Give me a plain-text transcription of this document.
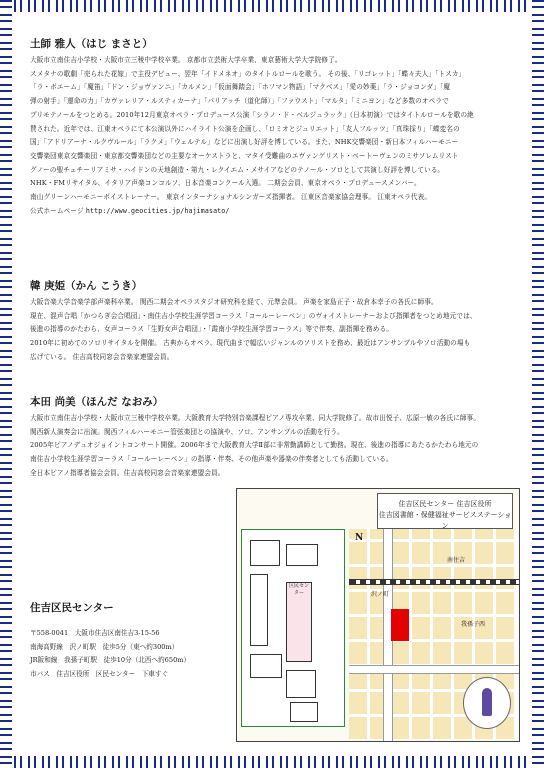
土師 雅人（はじ まさと）

大阪市立南住吉小学校・大阪市立三稜中学校卒業。 京都市立芸術大学卒業、東京藝術大学大学院修了。

スメタナの歌劇「売られた花嫁」で主役デビュー、翌年「イドメネオ」のタイトルロールを歌う。 その後、「リゴレット」「蝶々夫人」「トスカ」

「ラ・ボエーム」「魔笛」「ドン・ジョヴァンニ」「カルメン」「仮面舞踏会」「ホフマン物語」「マクベス」「愛の妙薬」「ラ・ジョコンダ」「魔

弾の射手」「運命の力」「カヴァレリア・ルスティカーナ」「パリアッチ（道化師）」「ファウスト」「マルタ」「ミニヨン」など多数のオペラで

プリモテノールをつとめる。2010年12月東京オペラ・プロデュース公演「シラノ・ド・ベルジュラック」（日本初演）ではタイトルロールを歌の絶

賛された。近年では、江東オペラにて本公演以外にハイライト公演を企画し、「ロミオとジュリエット」「友人フルッツ」「真珠採り」「蝶変名の

国」「アドリアーナ・ルクヴルール」「ラクメ」「ウェルテル」などに出演し好評を博している。また、NHK交響楽団・新日本フィルハーモニー

交響楽団東京交響楽団・東京都交響楽団などの主要なオーケストラと、マタイ受難曲のエヴァンゲリスト・ベートーヴェンのミサソレムリスト

グノーの聖チェチーリアミサ・ハイドンの天地創造・第九・レクイエム・メサイアなどのテノール・ソロとして共演し好評を博している。

NHK・FMリサイタル、イタリア声楽コンコルソ、日本音楽コンクール入選。 二期会会員、東京オペラ・プロデュースメンバー。

南山グリーンハーモニーボイストレーナー。 東京インターナショナルシンガーズ指揮者。 江東区音楽家協会理事。 江東オペラ代表。

公式ホームページ http://www.geocities.jp/hajimasato/

韓 庚姫（かん こうき）

大阪音楽大学音楽学部声楽科卒業。 関西二期会オペラスタジオ研究科を経て、元準会員。 声楽を家島正子・故倉本幸子の各氏に師事。

現在、混声合唱「かつらぎ会合唱団」・南住吉小学校生涯学習コーラス「コールーレーベン」のヴォイストレーナーおよび指揮者をつとめ地元では、

後進の指導のかたわら、女声コーラス「生野女声合唱団」・「霞南小学校生涯学習コーラス」等で伴奏、副指揮を務める。

2010年に初めてのソロリサイタルを開催。 古典からオペラ、現代曲まで幅広いジャンルのソリストを務め、最近はアンサンブルやソロ活動の場も

広げている。 住吉高校同窓会音楽家連盟会員。

本田 尚美（ほんだ なおみ）

大阪市立南住吉小学校・大阪市立三稜中学校卒業。大阪教育大学特別音楽課程ピアノ専攻卒業、同大学院修了。故市田悦子、広原一敏の各氏に師事。

関西新人演奏会に出演。関西フィルハーモニー管弦楽団との協演や、ソロ、アンサンブルの活動を行う。

2005年ピアノデュオジョイントコンサート開催。2006年まで大阪教育大学Ⅱ部に非常勤講師として勤務。現在、後進の指導にあたるかたわら地元の

南住吉小学校生涯学習コーラス「コールーレーベン」の指導・伴奏、その他声楽や器楽の伴奏者としても活動している。

全日本ピアノ指導者協会会員。住吉高校同窓会音楽家連盟会員。

区民センター
住吉区民センター 住吉区役所
住吉図書館・保健福祉サービスステーション
N
沢ノ町
南住吉
我孫子西
住吉区民センター

〒558-0041　大阪市住吉区南住吉3-15-56

南海高野線　沢ノ町駅　徒歩5分（東へ約300m）

JR阪和線　我孫子町駅　徒歩10分（北西へ約650m）

市バス　住吉区役所　区民センター　下車すぐ
